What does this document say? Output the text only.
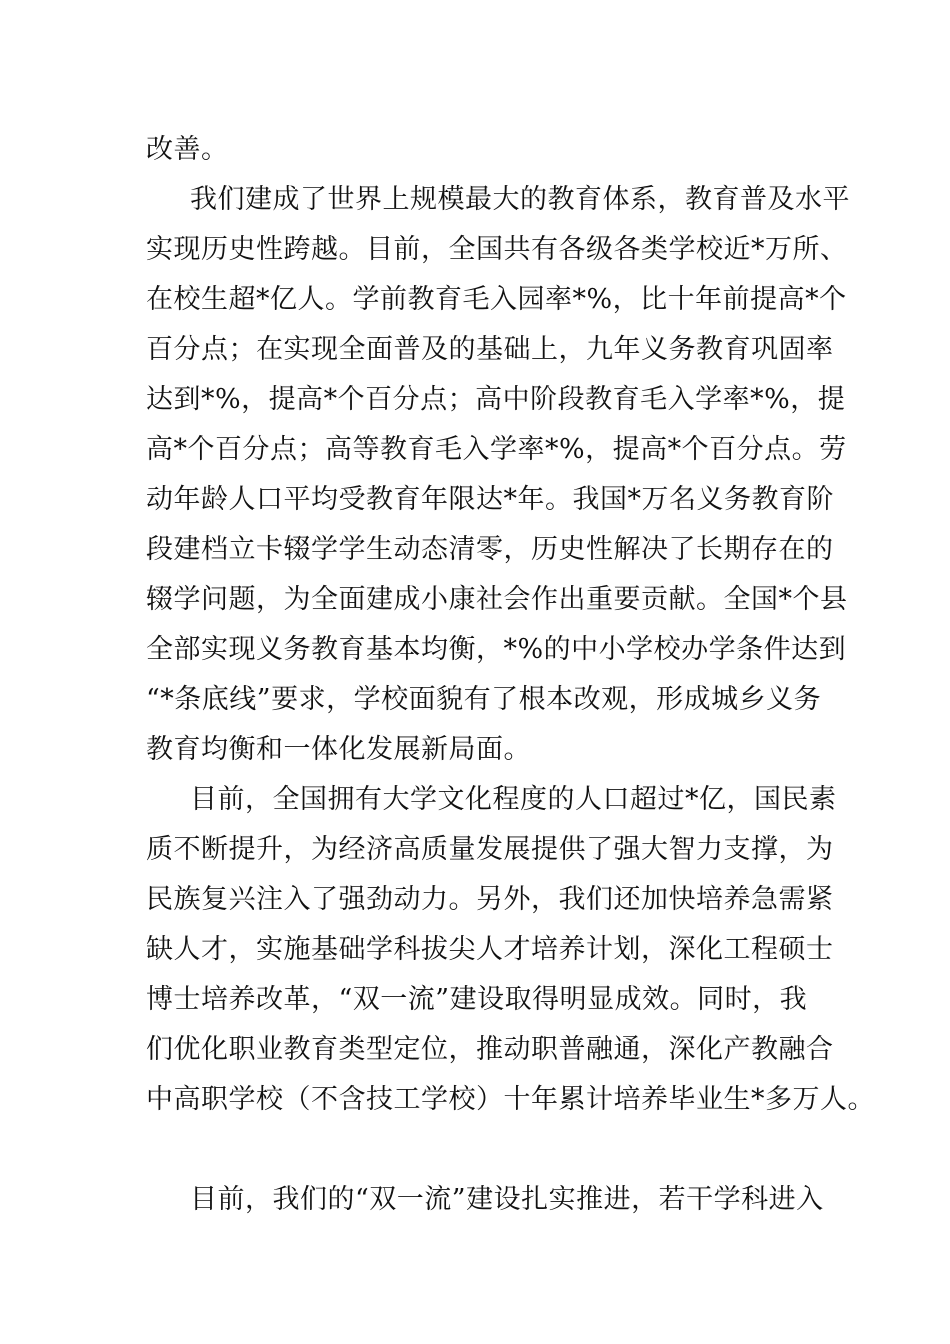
改善。
我们建成了世界上规模最大的教育体系，教育普及水平
实现历史性跨越。目前，全国共有各级各类学校近*万所、
在校生超*亿人。学前教育毛入园率*%，比十年前提高*个
百分点；在实现全面普及的基础上，九年义务教育巩固率
达到*%，提高*个百分点；高中阶段教育毛入学率*%，提
高*个百分点；高等教育毛入学率*%，提高*个百分点。劳
动年龄人口平均受教育年限达*年。我国*万名义务教育阶
段建档立卡辍学学生动态清零，历史性解决了长期存在的
辍学问题，为全面建成小康社会作出重要贡献。全国*个县
全部实现义务教育基本均衡，*%的中小学校办学条件达到
“*条底线”要求，学校面貌有了根本改观，形成城乡义务
教育均衡和一体化发展新局面。
目前，全国拥有大学文化程度的人口超过*亿，国民素
质不断提升，为经济高质量发展提供了强大智力支撑，为
民族复兴注入了强劲动力。另外，我们还加快培养急需紧
缺人才，实施基础学科拔尖人才培养计划，深化工程硕士
博士培养改革，“双一流”建设取得明显成效。同时，我
们优化职业教育类型定位，推动职普融通，深化产教融合
中高职学校（不含技工学校）十年累计培养毕业生*多万人。
目前，我们的“双一流”建设扎实推进，若干学科进入
